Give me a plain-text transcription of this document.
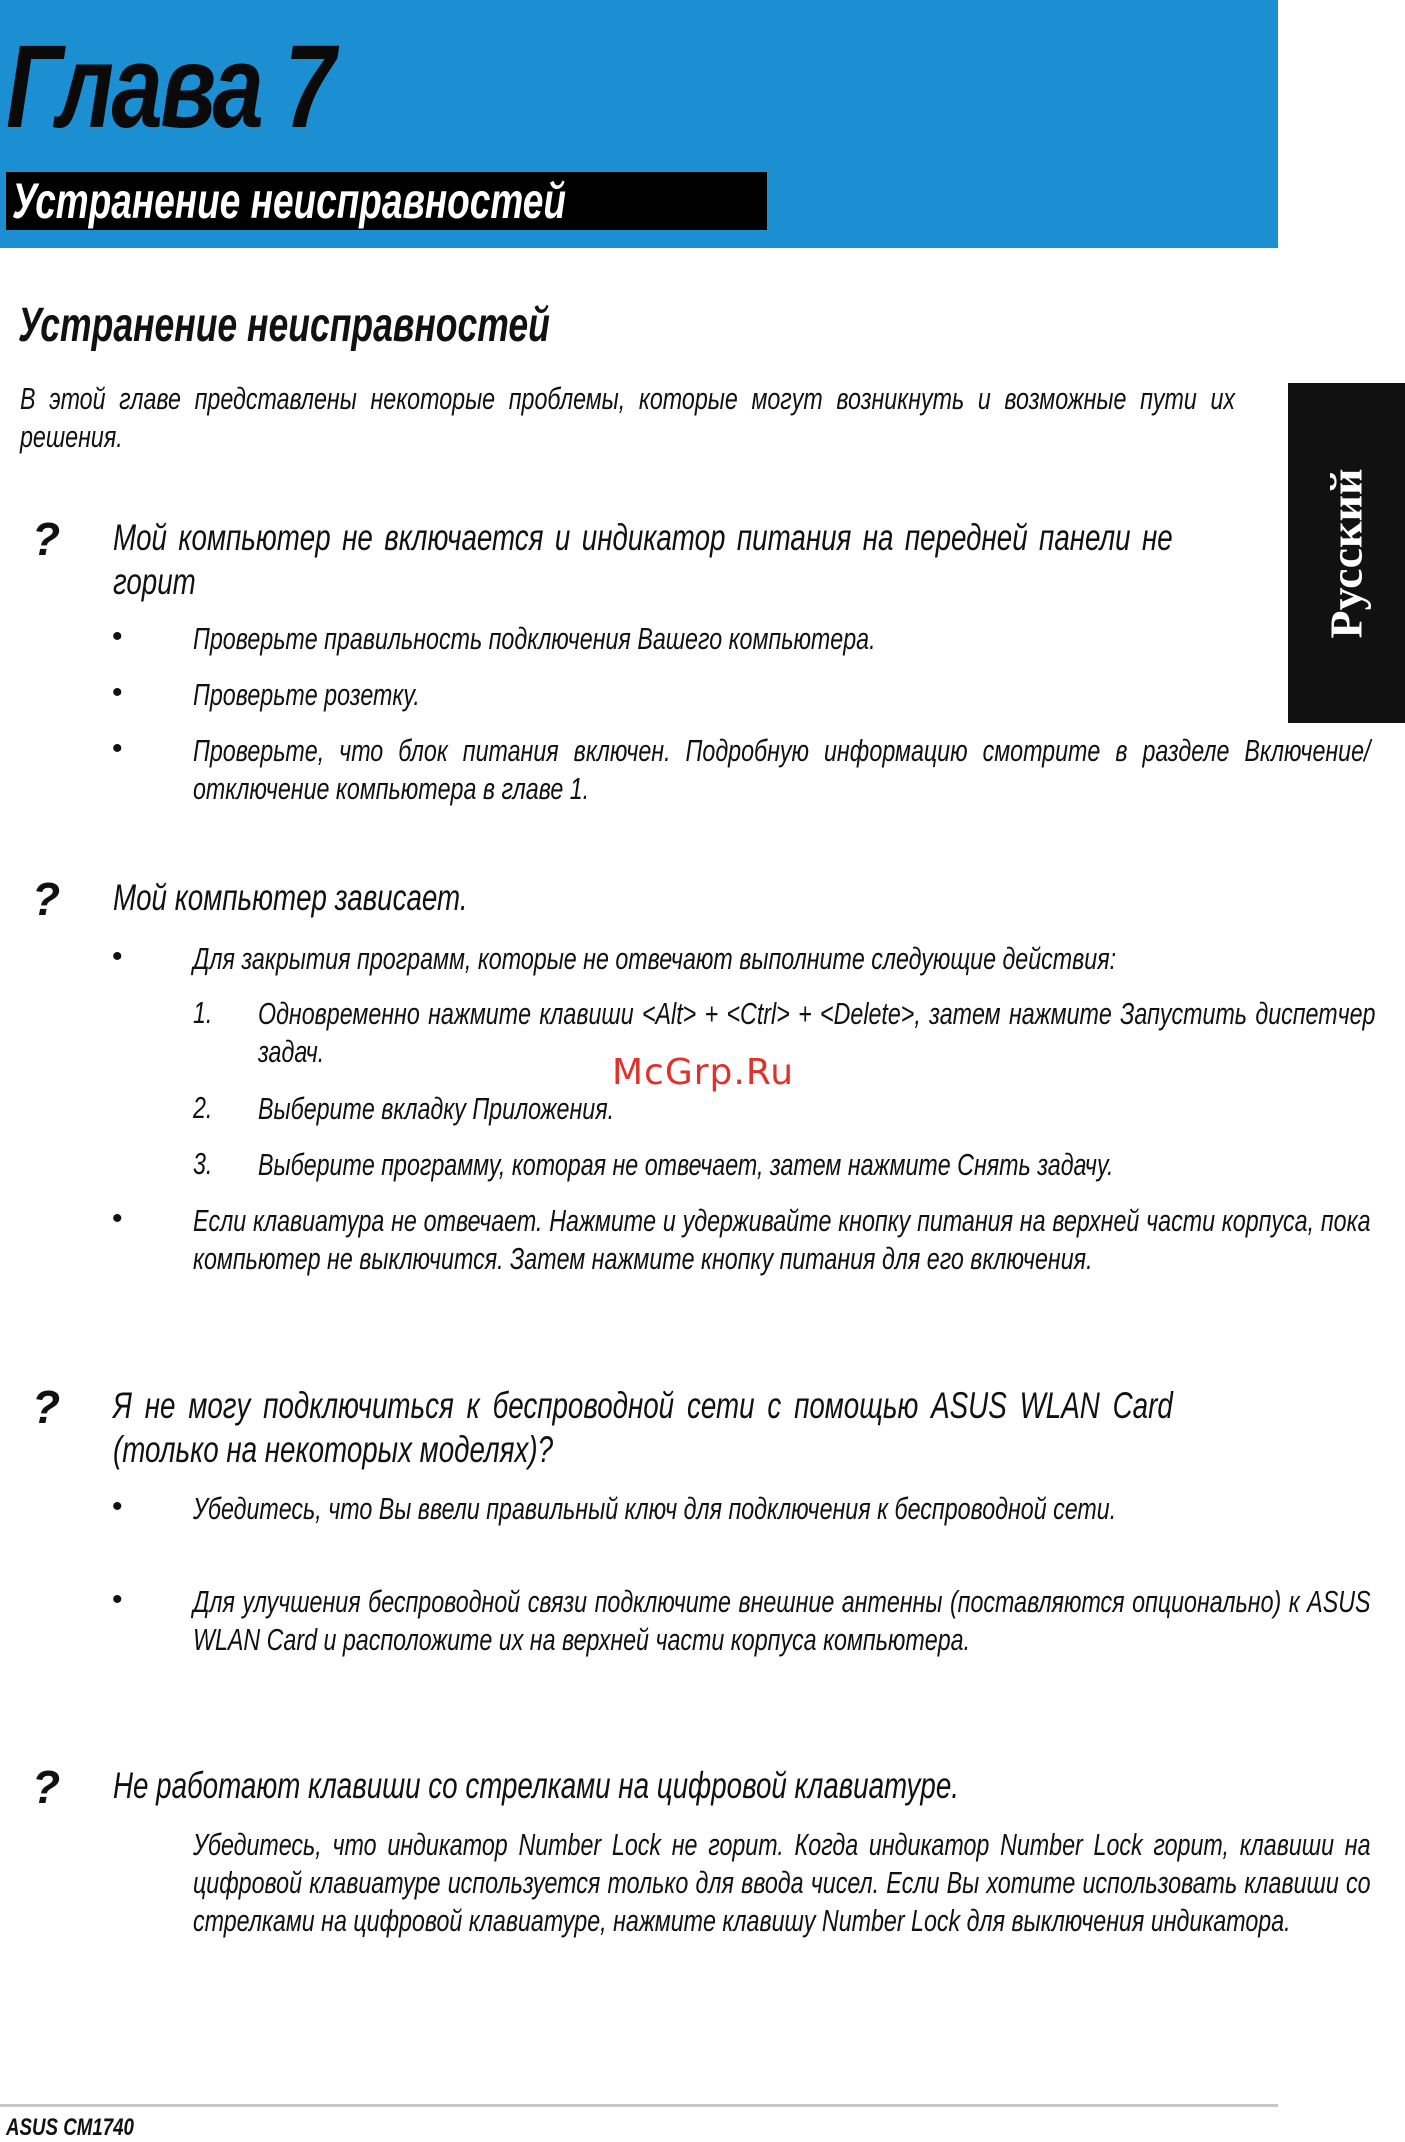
Глава 7
Устранение неисправностей
Русский
Устранение неисправностей
В этой главе представлены некоторые проблемы, которые могут возникнуть и возможные пути их решения.
? Мой компьютер не включается и индикатор питания на передней панели не горит
• Проверьте правильность подключения Вашего компьютера.
• Проверьте розетку.
• Проверьте, что блок питания включен. Подробную информацию смотрите в разделе Включение/отключение компьютера в главе 1.
? Мой компьютер зависает.
• Для закрытия программ, которые не отвечают выполните следующие действия:
1. Одновременно нажмите клавиши <Alt> + <Ctrl> + <Delete>, затем нажмите Запустить диспетчер задач.
2. Выберите вкладку Приложения.
3. Выберите программу, которая не отвечает, затем нажмите Снять задачу.
• Если клавиатура не отвечает. Нажмите и удерживайте кнопку питания на верхней части корпуса, пока компьютер не выключится. Затем нажмите кнопку питания для его включения.
? Я не могу подключиться к беспроводной сети с помощью ASUS WLAN Card (только на некоторых моделях)?
• Убедитесь, что Вы ввели правильный ключ для подключения к беспроводной сети.
• Для улучшения беспроводной связи подключите внешние антенны (поставляются опционально) к ASUS WLAN Card и расположите их на верхней части корпуса компьютера.
? Не работают клавиши со стрелками на цифровой клавиатуре.
Убедитесь, что индикатор Number Lock не горит. Когда индикатор Number Lock горит, клавиши на цифровой клавиатуре используется только для ввода чисел. Если Вы хотите использовать клавиши со стрелками на цифровой клавиатуре, нажмите клавишу Number Lock для выключения индикатора.
McGrp.Ru
ASUS CM1740
